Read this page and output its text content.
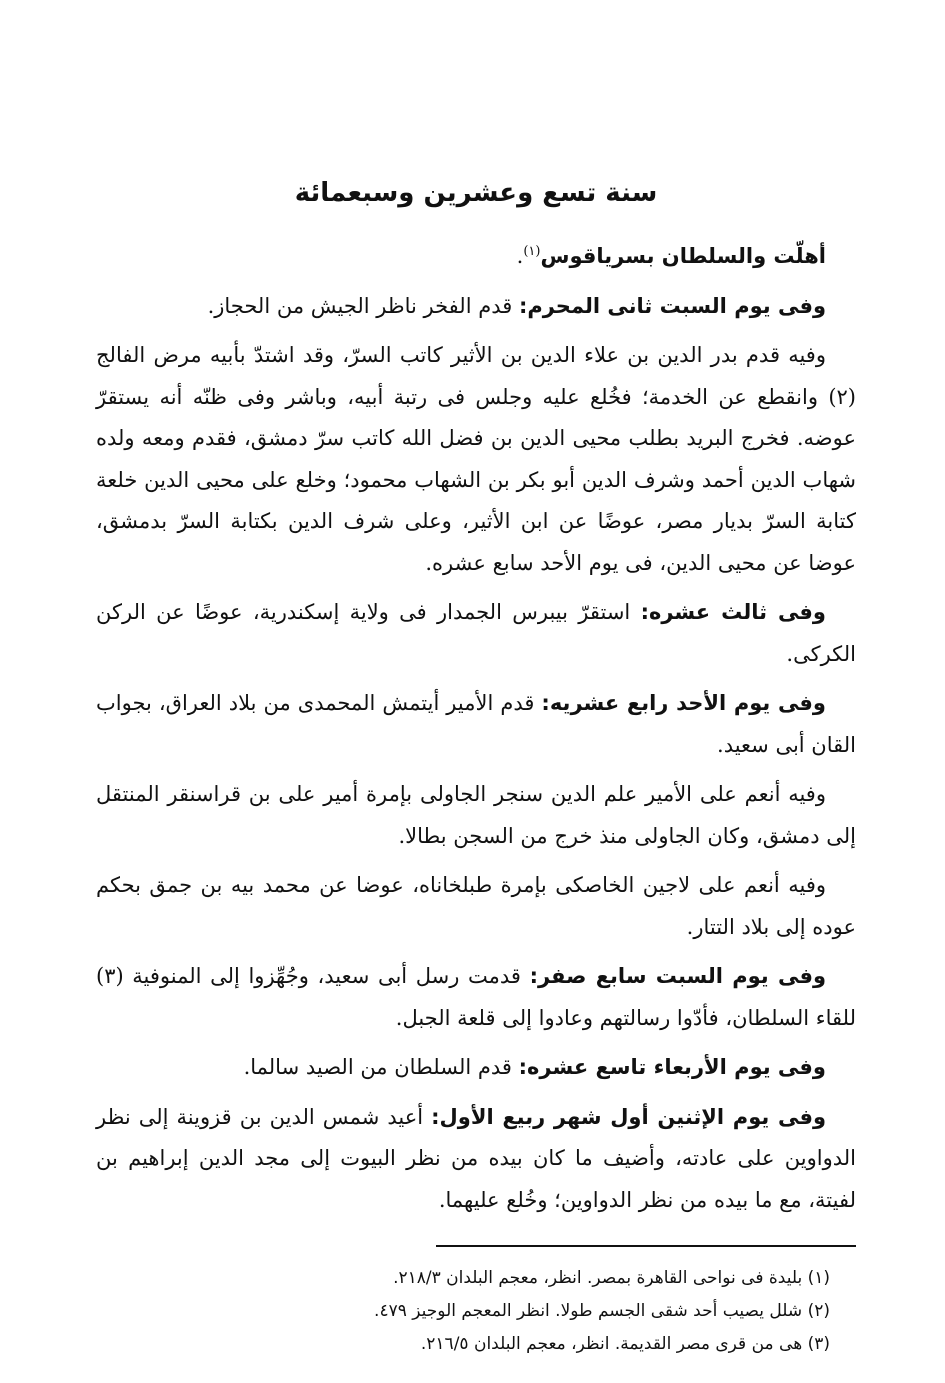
سنة تسع وعشرين وسبعمائة

أهلّت والسلطان بسرياقوس$^{(١)}$.

وفى يوم السبت ثانى المحرم: قدم الفخر ناظر الجيش من الحجاز.

وفيه قدم بدر الدين بن علاء الدين بن الأثير كاتب السرّ، وقد اشتدّ بأبيه مرض الفالج (٢) وانقطع عن الخدمة؛ فخُلع عليه وجلس فى رتبة أبيه، وباشر وفى ظنّه أنه يستقرّ عوضه. فخرج البريد بطلب محيى الدين بن فضل الله كاتب سرّ دمشق، فقدم ومعه ولده شهاب الدين أحمد وشرف الدين أبو بكر بن الشهاب محمود؛ وخلع على محيى الدين خلعة كتابة السرّ بديار مصر، عوضًا عن ابن الأثير، وعلى شرف الدين بكتابة السرّ بدمشق، عوضا عن محيى الدين، فى يوم الأحد سابع عشره.

وفى ثالث عشره: استقرّ بيبرس الجمدار فى ولاية إسكندرية، عوضًا عن الركن الكركى.

وفى يوم الأحد رابع عشريه: قدم الأمير أيتمش المحمدى من بلاد العراق، بجواب القان أبى سعيد.

وفيه أنعم على الأمير علم الدين سنجر الجاولى بإمرة أمير على بن قراسنقر المنتقل إلى دمشق، وكان الجاولى منذ خرج من السجن بطالا.

وفيه أنعم على لاجين الخاصكى بإمرة طبلخاناه، عوضا عن محمد بيه بن جمق بحكم عوده إلى بلاد التتار.

وفى يوم السبت سابع صفر: قدمت رسل أبى سعيد، وجُهِّزوا إلى المنوفية (٣) للقاء السلطان، فأدّوا رسالتهم وعادوا إلى قلعة الجبل.

وفى يوم الأربعاء تاسع عشره: قدم السلطان من الصيد سالما.

وفى يوم الإثنين أول شهر ربيع الأول: أعيد شمس الدين بن قزوينة إلى نظر الدواوين على عادته، وأضيف ما كان بيده من نظر البيوت إلى مجد الدين إبراهيم بن لفيتة، مع ما بيده من نظر الدواوين؛ وخُلع عليهما.

(١) بليدة فى نواحى القاهرة بمصر. انظر، معجم البلدان ٢١٨/٣.
(٢) شلل يصيب أحد شقى الجسم طولا. انظر المعجم الوجيز ٤٧٩.
(٣) هى من قرى مصر القديمة. انظر، معجم البلدان ٢١٦/٥.
